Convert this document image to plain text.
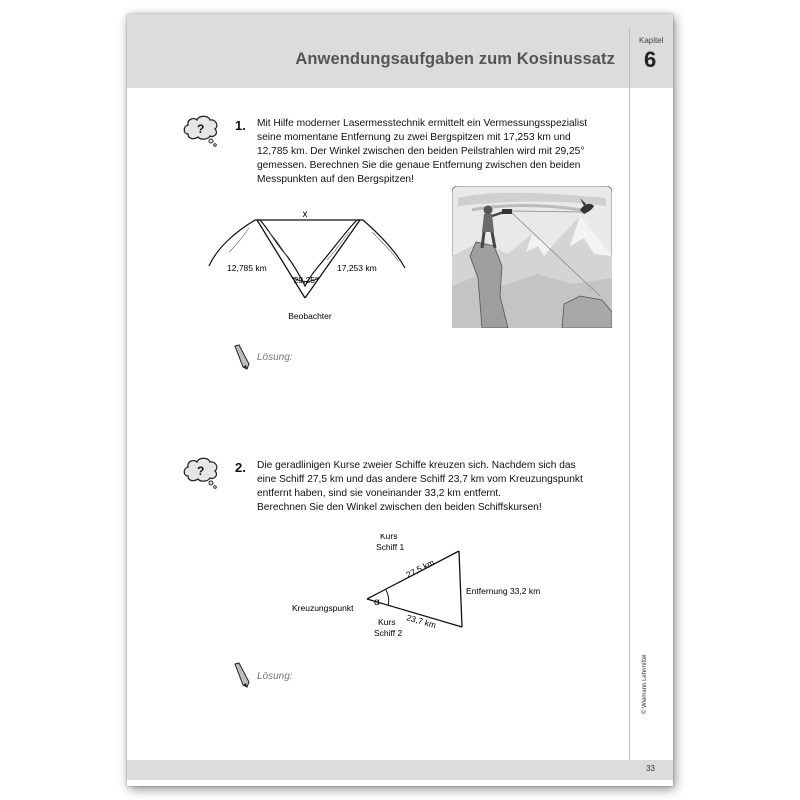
Anwendungsaufgaben zum Kosinussatz
Kapitel
6
? 1. Mit Hilfe moderner Lasermesstechnik ermittelt ein Vermessungsspezialist
seine momentane Entfernung zu zwei Bergspitzen mit 17,253 km und
12,785 km. Der Winkel zwischen den beiden Peilstrahlen wird mit 29,25°
gemessen. Berechnen Sie die genaue Entfernung zwischen den beiden
Messpunkten auf den Bergspitzen!
x
12,785 km	17,253 km
29,25°
Beobachter
Lösung:
? 2. Die geradlinigen Kurse zweier Schiffe kreuzen sich. Nachdem sich das
eine Schiff 27,5 km und das andere Schiff 23,7 km vom Kreuzungspunkt
entfernt haben, sind sie voneinander 33,2 km entfernt.
Berechnen Sie den Winkel zwischen den beiden Schiffskursen!
Kurs
Schiff 1
27,5 km
23,7 km
Entfernung 33,2 km
Kreuzungspunkt α
Kurs
Schiff 2
Lösung:	© Wiemann Lehrmittel
33
